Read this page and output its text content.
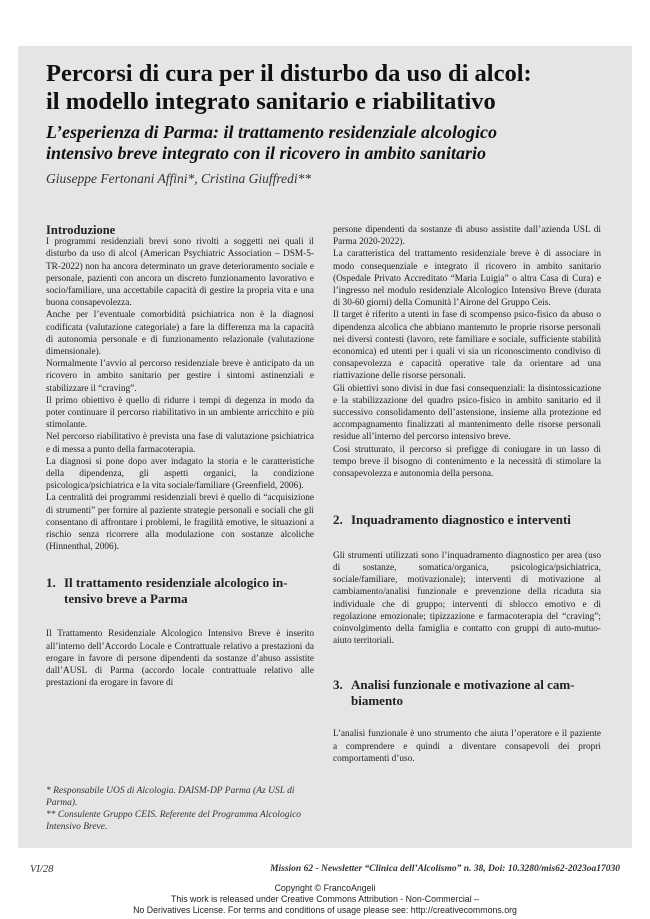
Percorsi di cura per il disturbo da uso di alcol:
il modello integrato sanitario e riabilitativo
L’esperienza di Parma: il trattamento residenziale alcologico
intensivo breve integrato con il ricovero in ambito sanitario

Giuseppe Fertonani Affini*, Cristina Giuffredi**

Introduzione

I programmi residenziali brevi sono rivolti a soggetti nei quali il disturbo da uso di alcol (American Psychiatric Association – DSM-5-TR-2022) non ha ancora determinato un grave deterioramento sociale e personale, pazienti con ancora un discreto funzionamento lavorativo e socio/familiare, una accettabile capacità di gestire la propria vita e una buona consapevolezza.

Anche per l’eventuale comorbidità psichiatrica non è la diagnosi codificata (valutazione categoriale) a fare la differenza ma la capacità di autonomia personale e di funzionamento relazionale (valutazione dimensionale).

Normalmente l’avvio al percorso residenziale breve è anticipato da un ricovero in ambito sanitario per gestire i sintomi astinenziali e stabilizzare il “craving”.

Il primo obiettivo è quello di ridurre i tempi di degenza in modo da poter continuare il percorso riabilitativo in un ambiente arricchito e più stimolante.

Nel percorso riabilitativo è prevista una fase di valutazione psichiatrica e di messa a punto della farmacoterapia.

La diagnosi si pone dopo aver indagato la storia e le caratteristiche della dipendenza, gli aspetti organici, la condizione psicologica/psichiatrica e la vita sociale/familiare (Greenfield, 2006).

La centralità dei programmi residenziali brevi è quello di “acquisizione di strumenti” per fornire al paziente strategie personali e sociali che gli consentano di affrontare i problemi, le fragilità emotive, le situazioni a rischio senza ricorrere alla modulazione con sostanze alcoliche (Hinnenthal, 2006).

1. Il trattamento residenziale alcologico in-
tensivo breve a Parma

Il Trattamento Residenziale Alcologico Intensivo Breve è inserito all’interno dell’Accordo Locale e Contrattuale relativo a prestazioni da erogare in favore di persone dipendenti da sostanze d’abuso assistite dall’AUSL di Parma (accordo locale contrattuale relativo alle prestazioni da erogare in favore di

* Responsabile UOS di Alcologia. DAISM-DP Parma (Az USL di Parma).

** Consulente Gruppo CEIS. Referente del Programma Alcologico Intensivo Breve.

persone dipendenti da sostanze di abuso assistite dall’azienda USL di Parma 2020-2022).

La caratteristica del trattamento residenziale breve è di associare in modo consequenziale e integrato il ricovero in ambito sanitario (Ospedale Privato Accreditato “Maria Luigia” o altra Casa di Cura) e l’ingresso nel modulo residenziale Alcologico Intensivo Breve (durata di 30-60 giorni) della Comunità l’Airone del Gruppo Ceis.

Il target è riferito a utenti in fase di scompenso psico-fisico da abuso o dipendenza alcolica che abbiano mantenuto le proprie risorse personali nei diversi contesti (lavoro, rete familiare e sociale, sufficiente stabilità economica) ed utenti per i quali vi sia un riconoscimento condiviso di consapevolezza e capacità operative tale da orientare ad una riattivazione delle risorse personali.

Gli obiettivi sono divisi in due fasi consequenziali: la disintossicazione e la stabilizzazione del quadro psico-fisico in ambito sanitario ed il successivo consolidamento dell’astensione, insieme alla protezione ed accompagnamento finalizzati al mantenimento delle risorse personali residue all’interno del percorso intensivo breve.

Così strutturato, il percorso si prefigge di coniugare in un lasso di tempo breve il bisogno di contenimento e la necessità di stimolare la consapevolezza e autonomia della persona.

2. Inquadramento diagnostico e interventi

Gli strumenti utilizzati sono l’inquadramento diagnostico per area (uso di sostanze, somatica/organica, psicologica/psichiatrica, sociale/familiare, motivazionale); interventi di motivazione al cambiamento/analisi funzionale e prevenzione della ricaduta sia individuale che di gruppo; interventi di sblocco emotivo e di regolazione emozionale; tipizzazione e farmacoterapia del “craving”; coinvolgimento della famiglia e contatto con gruppi di auto-mutuo-aiuto territoriali.

3. Analisi funzionale e motivazione al cam-
biamento

L’analisi funzionale è uno strumento che aiuta l’operatore e il paziente a comprendere e quindi a diventare consapevoli dei propri comportamenti d’uso.

VI/28	Mission 62 - Newsletter “Clinica dell’Alcolismo” n. 38, Doi: 10.3280/mis62-2023oa17030

Copyright © FrancoAngeli

This work is released under Creative Commons Attribution - Non-Commercial –

No Derivatives License. For terms and conditions of usage please see: http://creativecommons.org
